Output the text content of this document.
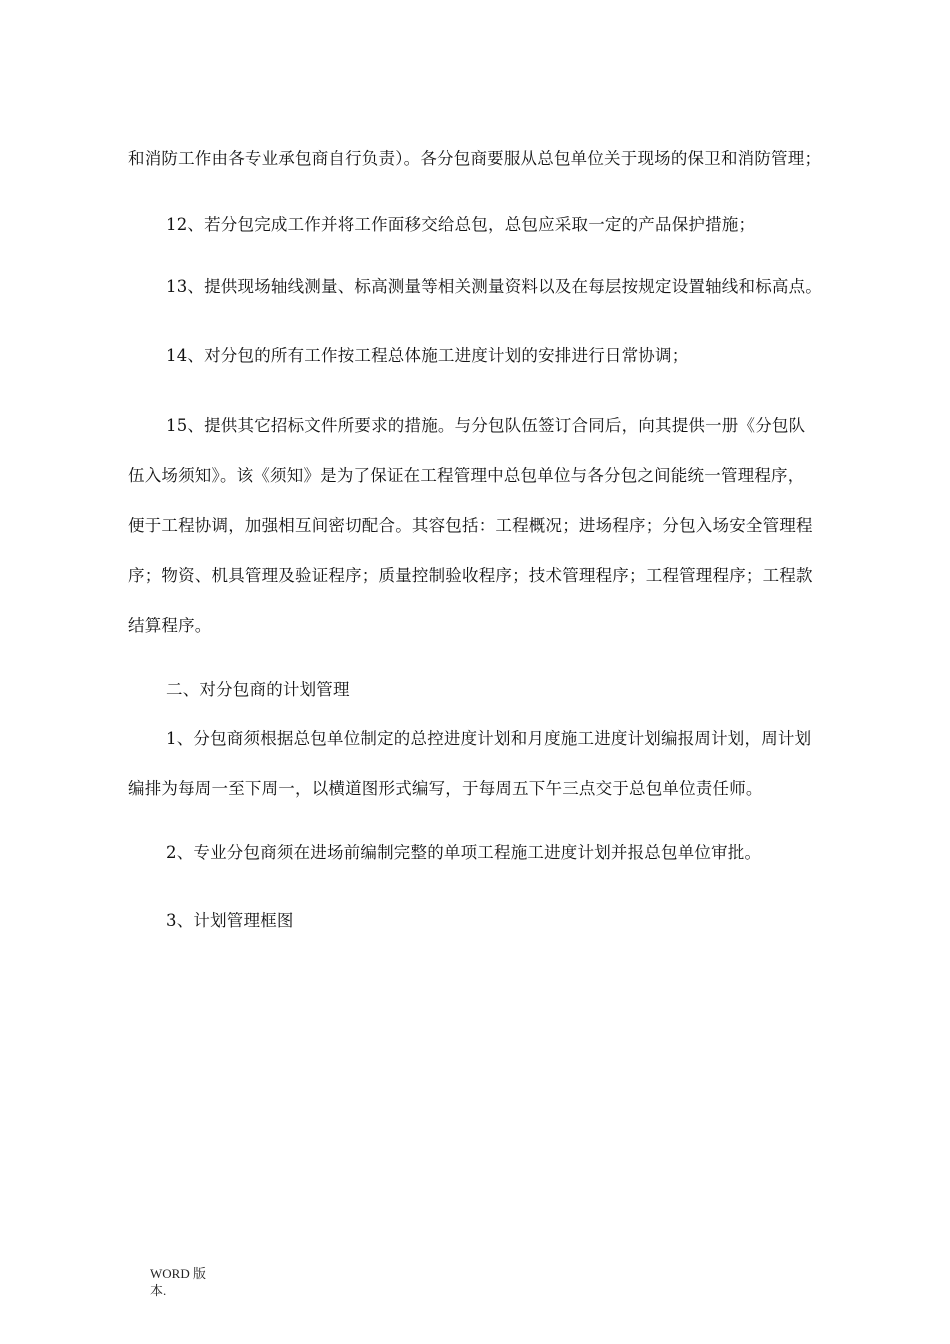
和消防工作由各专业承包商自行负责）。各分包商要服从总包单位关于现场的保卫和消防管理；
12、若分包完成工作并将工作面移交给总包，总包应采取一定的产品保护措施；
13、提供现场轴线测量、标高测量等相关测量资料以及在每层按规定设置轴线和标高点。
14、对分包的所有工作按工程总体施工进度计划的安排进行日常协调；
15、提供其它招标文件所要求的措施。与分包队伍签订合同后，向其提供一册《分包队
伍入场须知》。该《须知》是为了保证在工程管理中总包单位与各分包之间能统一管理程序，
便于工程协调，加强相互间密切配合。其容包括：工程概况；进场程序；分包入场安全管理程
序；物资、机具管理及验证程序；质量控制验收程序；技术管理程序；工程管理程序；工程款
结算程序。
二、对分包商的计划管理
1、分包商须根据总包单位制定的总控进度计划和月度施工进度计划编报周计划，周计划
编排为每周一至下周一，以横道图形式编写，于每周五下午三点交于总包单位责任师。
2、专业分包商须在进场前编制完整的单项工程施工进度计划并报总包单位审批。
3、计划管理框图
WORD 版
本.
